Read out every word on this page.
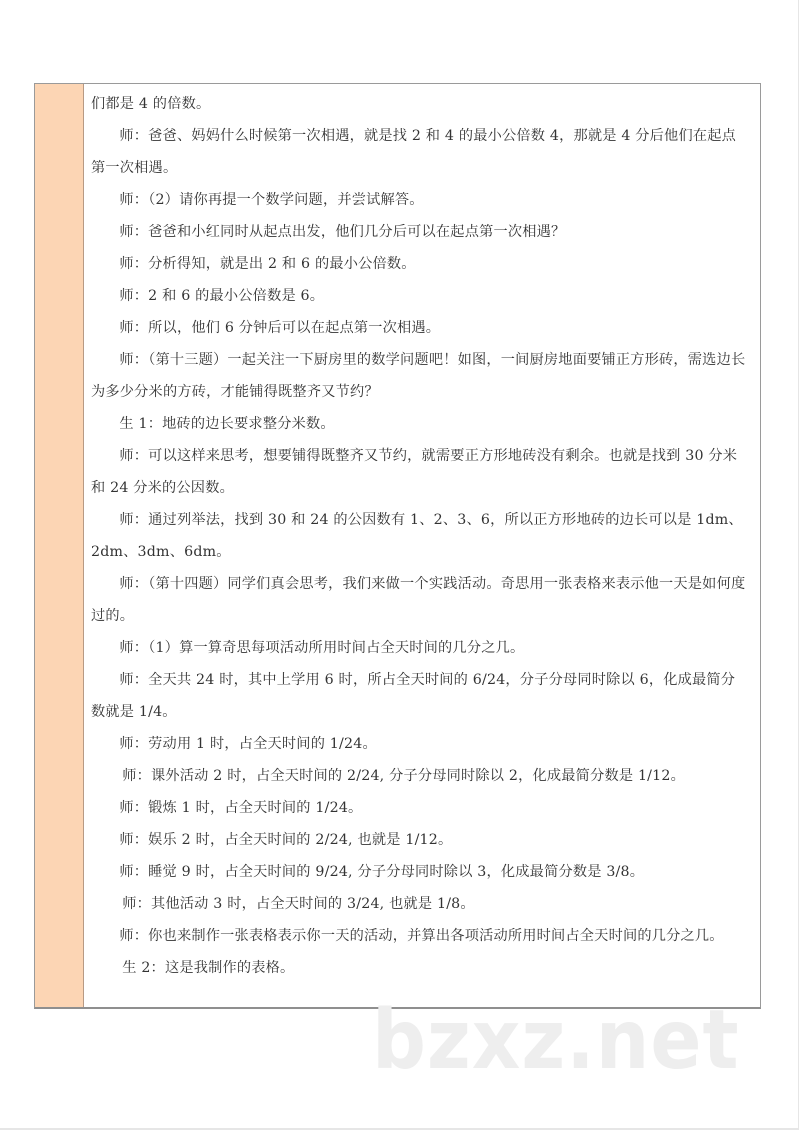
们都是 4 的倍数。

师：爸爸、妈妈什么时候第一次相遇，就是找 2 和 4 的最小公倍数 4，那就是 4 分后他们在起点第一次相遇。

师：（2）请你再提一个数学问题，并尝试解答。

师：爸爸和小红同时从起点出发，他们几分后可以在起点第一次相遇？

师：分析得知，就是出 2 和 6 的最小公倍数。

师：2 和 6 的最小公倍数是 6。

师：所以，他们 6 分钟后可以在起点第一次相遇。

师：（第十三题）一起关注一下厨房里的数学问题吧！如图，一间厨房地面要铺正方形砖，需选边长为多少分米的方砖，才能铺得既整齐又节约？

生 1：地砖的边长要求整分米数。

师：可以这样来思考，想要铺得既整齐又节约，就需要正方形地砖没有剩余。也就是找到 30 分米和 24 分米的公因数。

师：通过列举法，找到 30 和 24 的公因数有 1、2、3、6，所以正方形地砖的边长可以是 1dm、2dm、3dm、6dm。

师：（第十四题）同学们真会思考，我们来做一个实践活动。奇思用一张表格来表示他一天是如何度过的。

师：（1）算一算奇思每项活动所用时间占全天时间的几分之几。

师：全天共 24 时，其中上学用 6 时，所占全天时间的 6/24，分子分母同时除以 6，化成最简分数就是 1/4。

师：劳动用 1 时，占全天时间的 1/24。

师：课外活动 2 时，占全天时间的 2/24, 分子分母同时除以 2，化成最简分数是 1/12。

师：锻炼 1 时，占全天时间的 1/24。

师：娱乐 2 时，占全天时间的 2/24, 也就是 1/12。

师：睡觉 9 时，占全天时间的 9/24, 分子分母同时除以 3，化成最简分数是 3/8。

师：其他活动 3 时，占全天时间的 3/24, 也就是 1/8。

师：你也来制作一张表格表示你一天的活动，并算出各项活动所用时间占全天时间的几分之几。

生 2：这是我制作的表格。

bzxz.net
